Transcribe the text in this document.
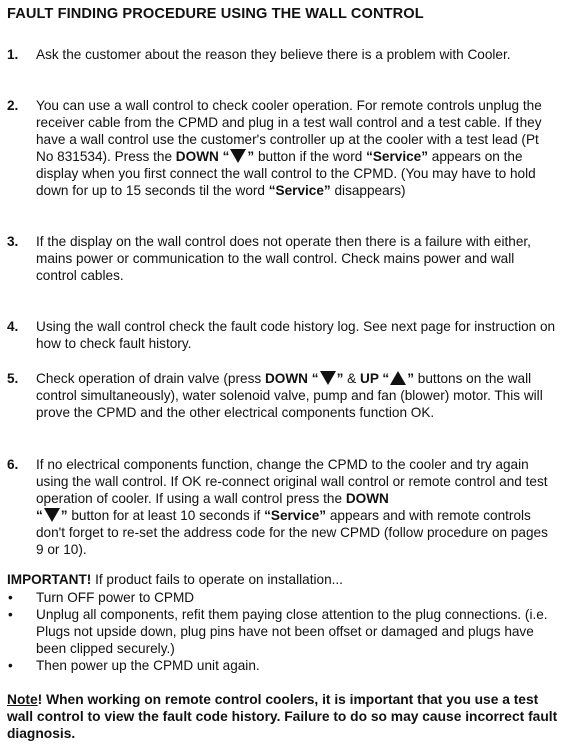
FAULT FINDING PROCEDURE USING THE WALL CONTROL
1. Ask the customer about the reason they believe there is a problem with Cooler.
2. You can use a wall control to check cooler operation. For remote controls unplug the receiver cable from the CPMD and plug in a test wall control and a test cable. If they have a wall control use the customer's controller up at the cooler with a test lead (Pt No 831534). Press the DOWN “ ” button if the word “Service” appears on the display when you first connect the wall control to the CPMD. (You may have to hold down for up to 15 seconds til the word “Service” disappears)
3. If the display on the wall control does not operate then there is a failure with either, mains power or communication to the wall control. Check mains power and wall control cables.
4. Using the wall control check the fault code history log. See next page for instruction on how to check fault history.
5. Check operation of drain valve (press DOWN “ ” & UP “ ” buttons on the wall control simultaneously), water solenoid valve, pump and fan (blower) motor. This will prove the CPMD and the other electrical components function OK.
6. If no electrical components function, change the CPMD to the cooler and try again using the wall control. If OK re-connect original wall control or remote control and test operation of cooler. If using a wall control press the DOWN
“ ” button for at least 10 seconds if “Service” appears and with remote controls don't forget to re-set the address code for the new CPMD (follow procedure on pages 9 or 10).
IMPORTANT! If product fails to operate on installation...
• Turn OFF power to CPMD
• Unplug all components, refit them paying close attention to the plug connections. (i.e. Plugs not upside down, plug pins have not been offset or damaged and plugs have been clipped securely.)
• Then power up the CPMD unit again.
Note! When working on remote control coolers, it is important that you use a test wall control to view the fault code history. Failure to do so may cause incorrect fault diagnosis.
